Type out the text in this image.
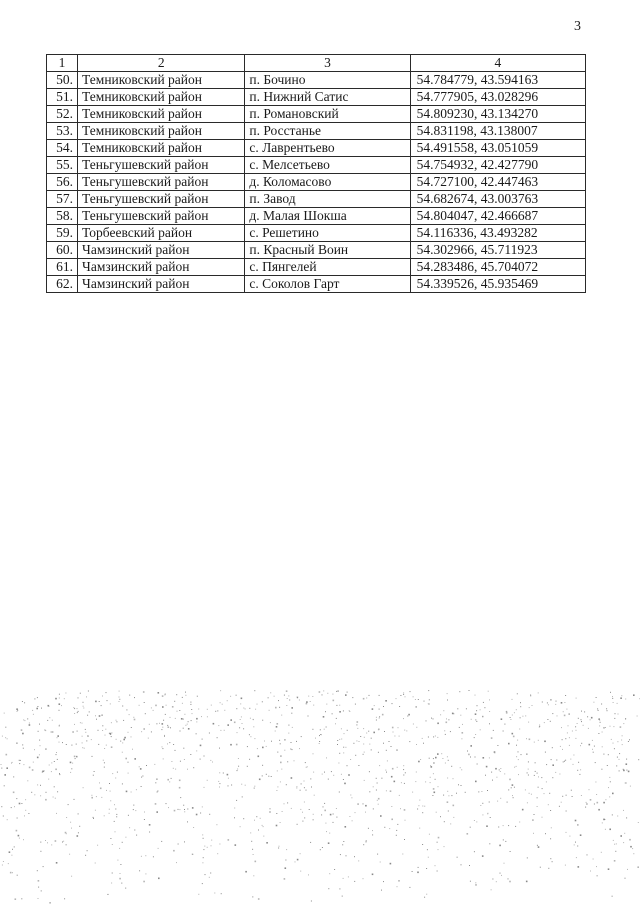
3
1	2	3	4
50.	Темниковский район	п. Бочино	54.784779, 43.594163
51.	Темниковский район	п. Нижний Сатис	54.777905, 43.028296
52.	Темниковский район	п. Романовский	54.809230, 43.134270
53.	Темниковский район	п. Росстанье	54.831198, 43.138007
54.	Темниковский район	с. Лаврентьево	54.491558, 43.051059
55.	Теньгушевский район	с. Мелсетьево	54.754932, 42.427790
56.	Теньгушевский район	д. Коломасово	54.727100, 42.447463
57.	Теньгушевский район	п. Завод	54.682674, 43.003763
58.	Теньгушевский район	д. Малая Шокша	54.804047, 42.466687
59.	Торбеевский район	с. Решетино	54.116336, 43.493282
60.	Чамзинский район	п. Красный Воин	54.302966, 45.711923
61.	Чамзинский район	с. Пянгелей	54.283486, 45.704072
62.	Чамзинский район	с. Соколов Гарт	54.339526, 45.935469
